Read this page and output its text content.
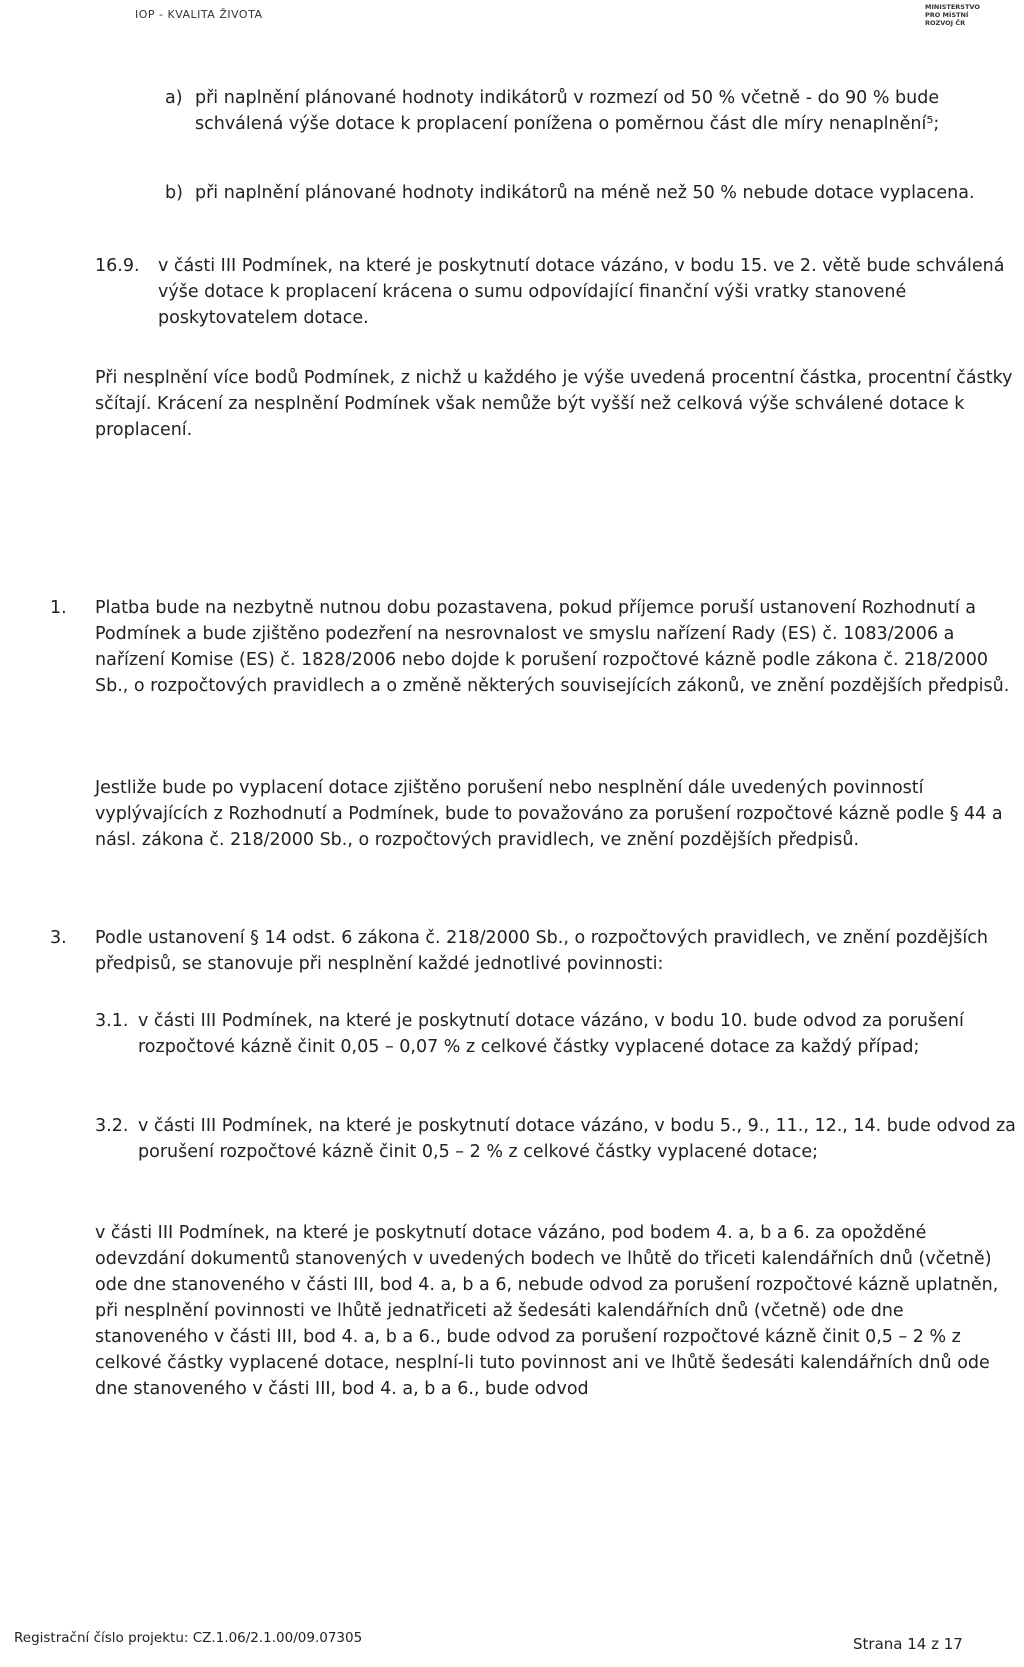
IOP - KVALITA ŽIVOTA
MINISTERSTVO
PRO MÍSTNÍ
ROZVOJ ČR
a) při naplnění plánované hodnoty indikátorů v rozmezí od 50 % včetně - do 90 % bude schválená výše dotace k proplacení ponížena o poměrnou část dle míry nenaplnění⁵;
b) při naplnění plánované hodnoty indikátorů na méně než 50 % nebude dotace vyplacena.
16.9. v části III Podmínek, na které je poskytnutí dotace vázáno, v bodu 15. ve 2. větě bude schválená výše dotace k proplacení krácena o sumu odpovídající finanční výši vratky stanovené poskytovatelem dotace.
Při nesplnění více bodů Podmínek, z nichž u každého je výše uvedená procentní částka, procentní částky sčítají. Krácení za nesplnění Podmínek však nemůže být vyšší než celková výše schválené dotace k proplacení.
1. Platba bude na nezbytně nutnou dobu pozastavena, pokud příjemce poruší ustanovení Rozhodnutí a Podmínek a bude zjištěno podezření na nesrovnalost ve smyslu nařízení Rady (ES) č. 1083/2006 a nařízení Komise (ES) č. 1828/2006 nebo dojde k porušení rozpočtové kázně podle zákona č. 218/2000 Sb., o rozpočtových pravidlech a o změně některých souvisejících zákonů, ve znění pozdějších předpisů.
Jestliže bude po vyplacení dotace zjištěno porušení nebo nesplnění dále uvedených povinností vyplývajících z Rozhodnutí a Podmínek, bude to považováno za porušení rozpočtové kázně podle § 44 a násl. zákona č. 218/2000 Sb., o rozpočtových pravidlech, ve znění pozdějších předpisů.
3. Podle ustanovení § 14 odst. 6 zákona č. 218/2000 Sb., o rozpočtových pravidlech, ve znění pozdějších předpisů, se stanovuje při nesplnění každé jednotlivé povinnosti:
3.1. v části III Podmínek, na které je poskytnutí dotace vázáno, v bodu 10. bude odvod za porušení rozpočtové kázně činit 0,05 – 0,07 % z celkové částky vyplacené dotace za každý případ;
3.2. v části III Podmínek, na které je poskytnutí dotace vázáno, v bodu 5., 9., 11., 12., 14. bude odvod za porušení rozpočtové kázně činit 0,5 – 2 % z celkové částky vyplacené dotace;
v části III Podmínek, na které je poskytnutí dotace vázáno, pod bodem 4. a, b a 6. za opožděné odevzdání dokumentů stanovených v uvedených bodech ve lhůtě do třiceti kalendářních dnů (včetně) ode dne stanoveného v části III, bod 4. a, b a 6, nebude odvod za porušení rozpočtové kázně uplatněn, při nesplnění povinnosti ve lhůtě jednatřiceti až šedesáti kalendářních dnů (včetně) ode dne stanoveného v části III, bod 4. a, b a 6., bude odvod za porušení rozpočtové kázně činit 0,5 – 2 % z celkové částky vyplacené dotace, nesplní-li tuto povinnost ani ve lhůtě šedesáti kalendářních dnů ode dne stanoveného v části III, bod 4. a, b a 6., bude odvod
Registrační číslo projektu: CZ.1.06/2.1.00/09.07305	Strana 14 z 17
